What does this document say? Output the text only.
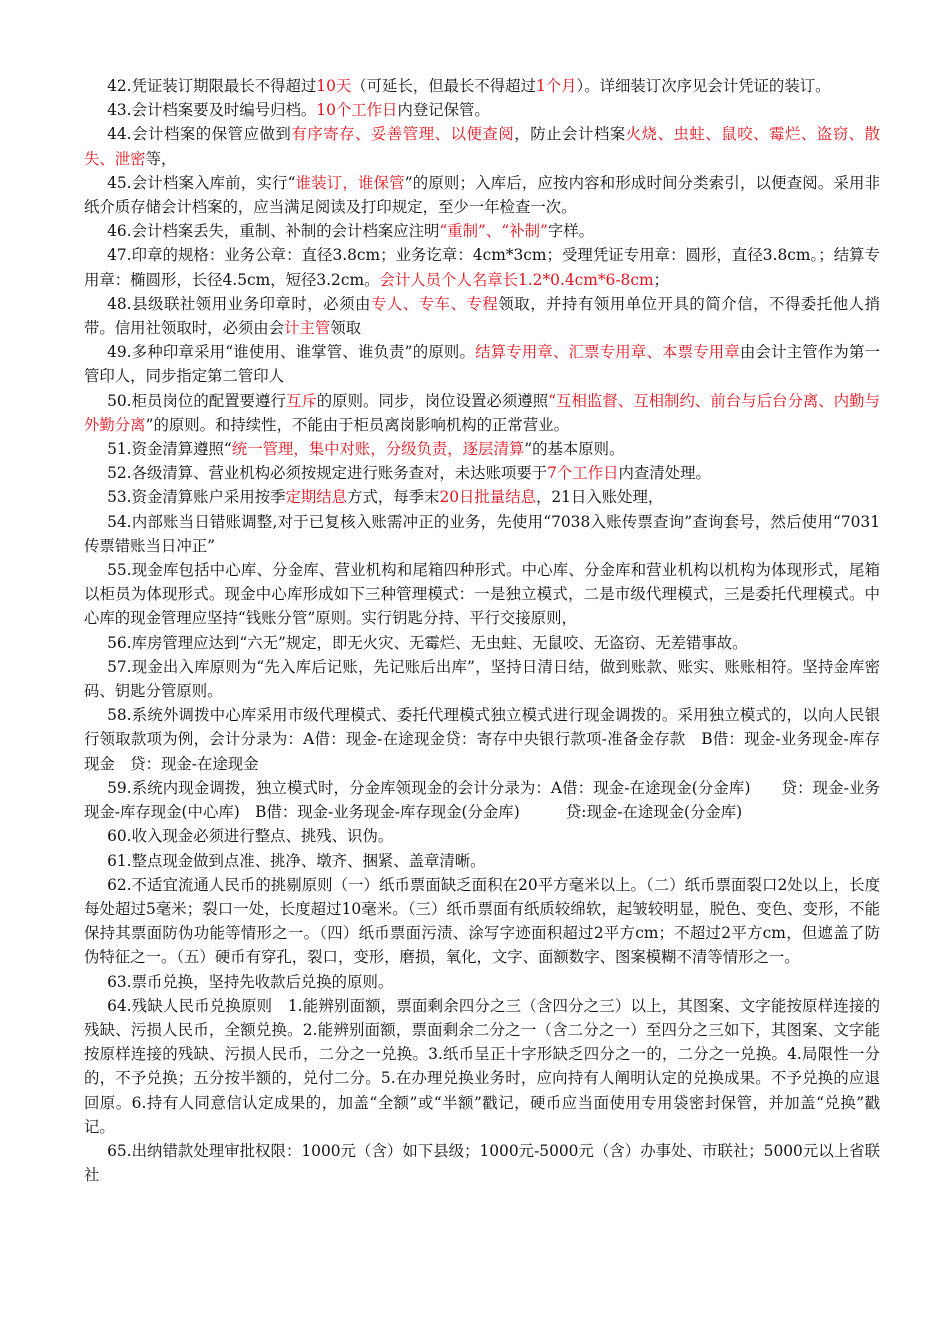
42.凭证装订期限最长不得超过10天（可延长，但最长不得超过1个月）。详细装订次序见会计凭证的装订。

43.会计档案要及时编号归档。10个工作日内登记保管。

44.会计档案的保管应做到有序寄存、妥善管理、以便查阅，防止会计档案火烧、虫蛀、鼠咬、霉烂、盗窃、散失、泄密等，

45.会计档案入库前，实行“谁装订，谁保管”的原则；入库后，应按内容和形成时间分类索引，以便查阅。采用非纸介质存储会计档案的，应当满足阅读及打印规定，至少一年检查一次。

46.会计档案丢失，重制、补制的会计档案应注明“重制”、“补制”字样。

47.印章的规格：业务公章：直径3.8cm；业务讫章：4cm*3cm；受理凭证专用章：圆形，直径3.8cm。；结算专用章：椭圆形，长径4.5cm，短径3.2cm。会计人员个人名章长1.2*0.4cm*6-8cm；

48.县级联社领用业务印章时，必须由专人、专车、专程领取，并持有领用单位开具的简介信，不得委托他人捎带。信用社领取时，必须由会计主管领取

49.多种印章采用“谁使用、谁掌管、谁负责”的原则。结算专用章、汇票专用章、本票专用章由会计主管作为第一管印人，同步指定第二管印人

50.柜员岗位的配置要遵行互斥的原则。同步，岗位设置必须遵照“互相监督、互相制约、前台与后台分离、内勤与外勤分离”的原则。和持续性，不能由于柜员离岗影响机构的正常营业。

51.资金清算遵照“统一管理，集中对账，分级负责，逐层清算”的基本原则。

52.各级清算、营业机构必须按规定进行账务查对，未达账项要于7个工作日内查清处理。

53.资金清算账户采用按季定期结息方式，每季末20日批量结息，21日入账处理，

54.内部账当日错账调整,对于已复核入账需冲正的业务，先使用“7038入账传票查询”查询套号，然后使用“7031传票错账当日冲正”

55.现金库包括中心库、分金库、营业机构和尾箱四种形式。中心库、分金库和营业机构以机构为体现形式，尾箱以柜员为体现形式。现金中心库形成如下三种管理模式：一是独立模式，二是市级代理模式，三是委托代理模式。中心库的现金管理应坚持“钱账分管”原则。实行钥匙分持、平行交接原则，

56.库房管理应达到“六无”规定，即无火灾、无霉烂、无虫蛀、无鼠咬、无盗窃、无差错事故。

57.现金出入库原则为“先入库后记账，先记账后出库”，坚持日清日结，做到账款、账实、账账相符。坚持金库密码、钥匙分管原则。

58.系统外调拨中心库采用市级代理模式、委托代理模式独立模式进行现金调拨的。采用独立模式的，以向人民银行领取款项为例，会计分录为：A借：现金-在途现金贷：寄存中央银行款项-准备金存款　B借：现金-业务现金-库存现金　贷：现金-在途现金

59.系统内现金调拨，独立模式时，分金库领现金的会计分录为：A借：现金-在途现金(分金库)　　贷：现金-业务现金-库存现金(中心库)　B借：现金-业务现金-库存现金(分金库)　　　贷:现金-在途现金(分金库)

60.收入现金必须进行整点、挑残、识伪。

61.整点现金做到点准、挑净、墩齐、捆紧、盖章清晰。

62.不适宜流通人民币的挑剔原则（一）纸币票面缺乏面积在20平方毫米以上。（二）纸币票面裂口2处以上，长度每处超过5毫米；裂口一处，长度超过10毫米。（三）纸币票面有纸质较绵软，起皱较明显，脱色、变色、变形，不能保持其票面防伪功能等情形之一。（四）纸币票面污渍、涂写字迹面积超过2平方cm；不超过2平方cm，但遮盖了防伪特征之一。（五）硬币有穿孔，裂口，变形，磨损，氧化，文字、面额数字、图案模糊不清等情形之一。

63.票币兑换，坚持先收款后兑换的原则。

64.残缺人民币兑换原则　1.能辨别面额，票面剩余四分之三（含四分之三）以上，其图案、文字能按原样连接的残缺、污损人民币，全额兑换。2.能辨别面额，票面剩余二分之一（含二分之一）至四分之三如下，其图案、文字能按原样连接的残缺、污损人民币，二分之一兑换。3.纸币呈正十字形缺乏四分之一的，二分之一兑换。4.局限性一分的，不予兑换；五分按半额的，兑付二分。5.在办理兑换业务时，应向持有人阐明认定的兑换成果。不予兑换的应退回原。6.持有人同意信认定成果的，加盖“全额”或“半额”戳记，硬币应当面使用专用袋密封保管，并加盖“兑换”戳记。

65.出纳错款处理审批权限：1000元（含）如下县级；1000元-5000元（含）办事处、市联社；5000元以上省联社
